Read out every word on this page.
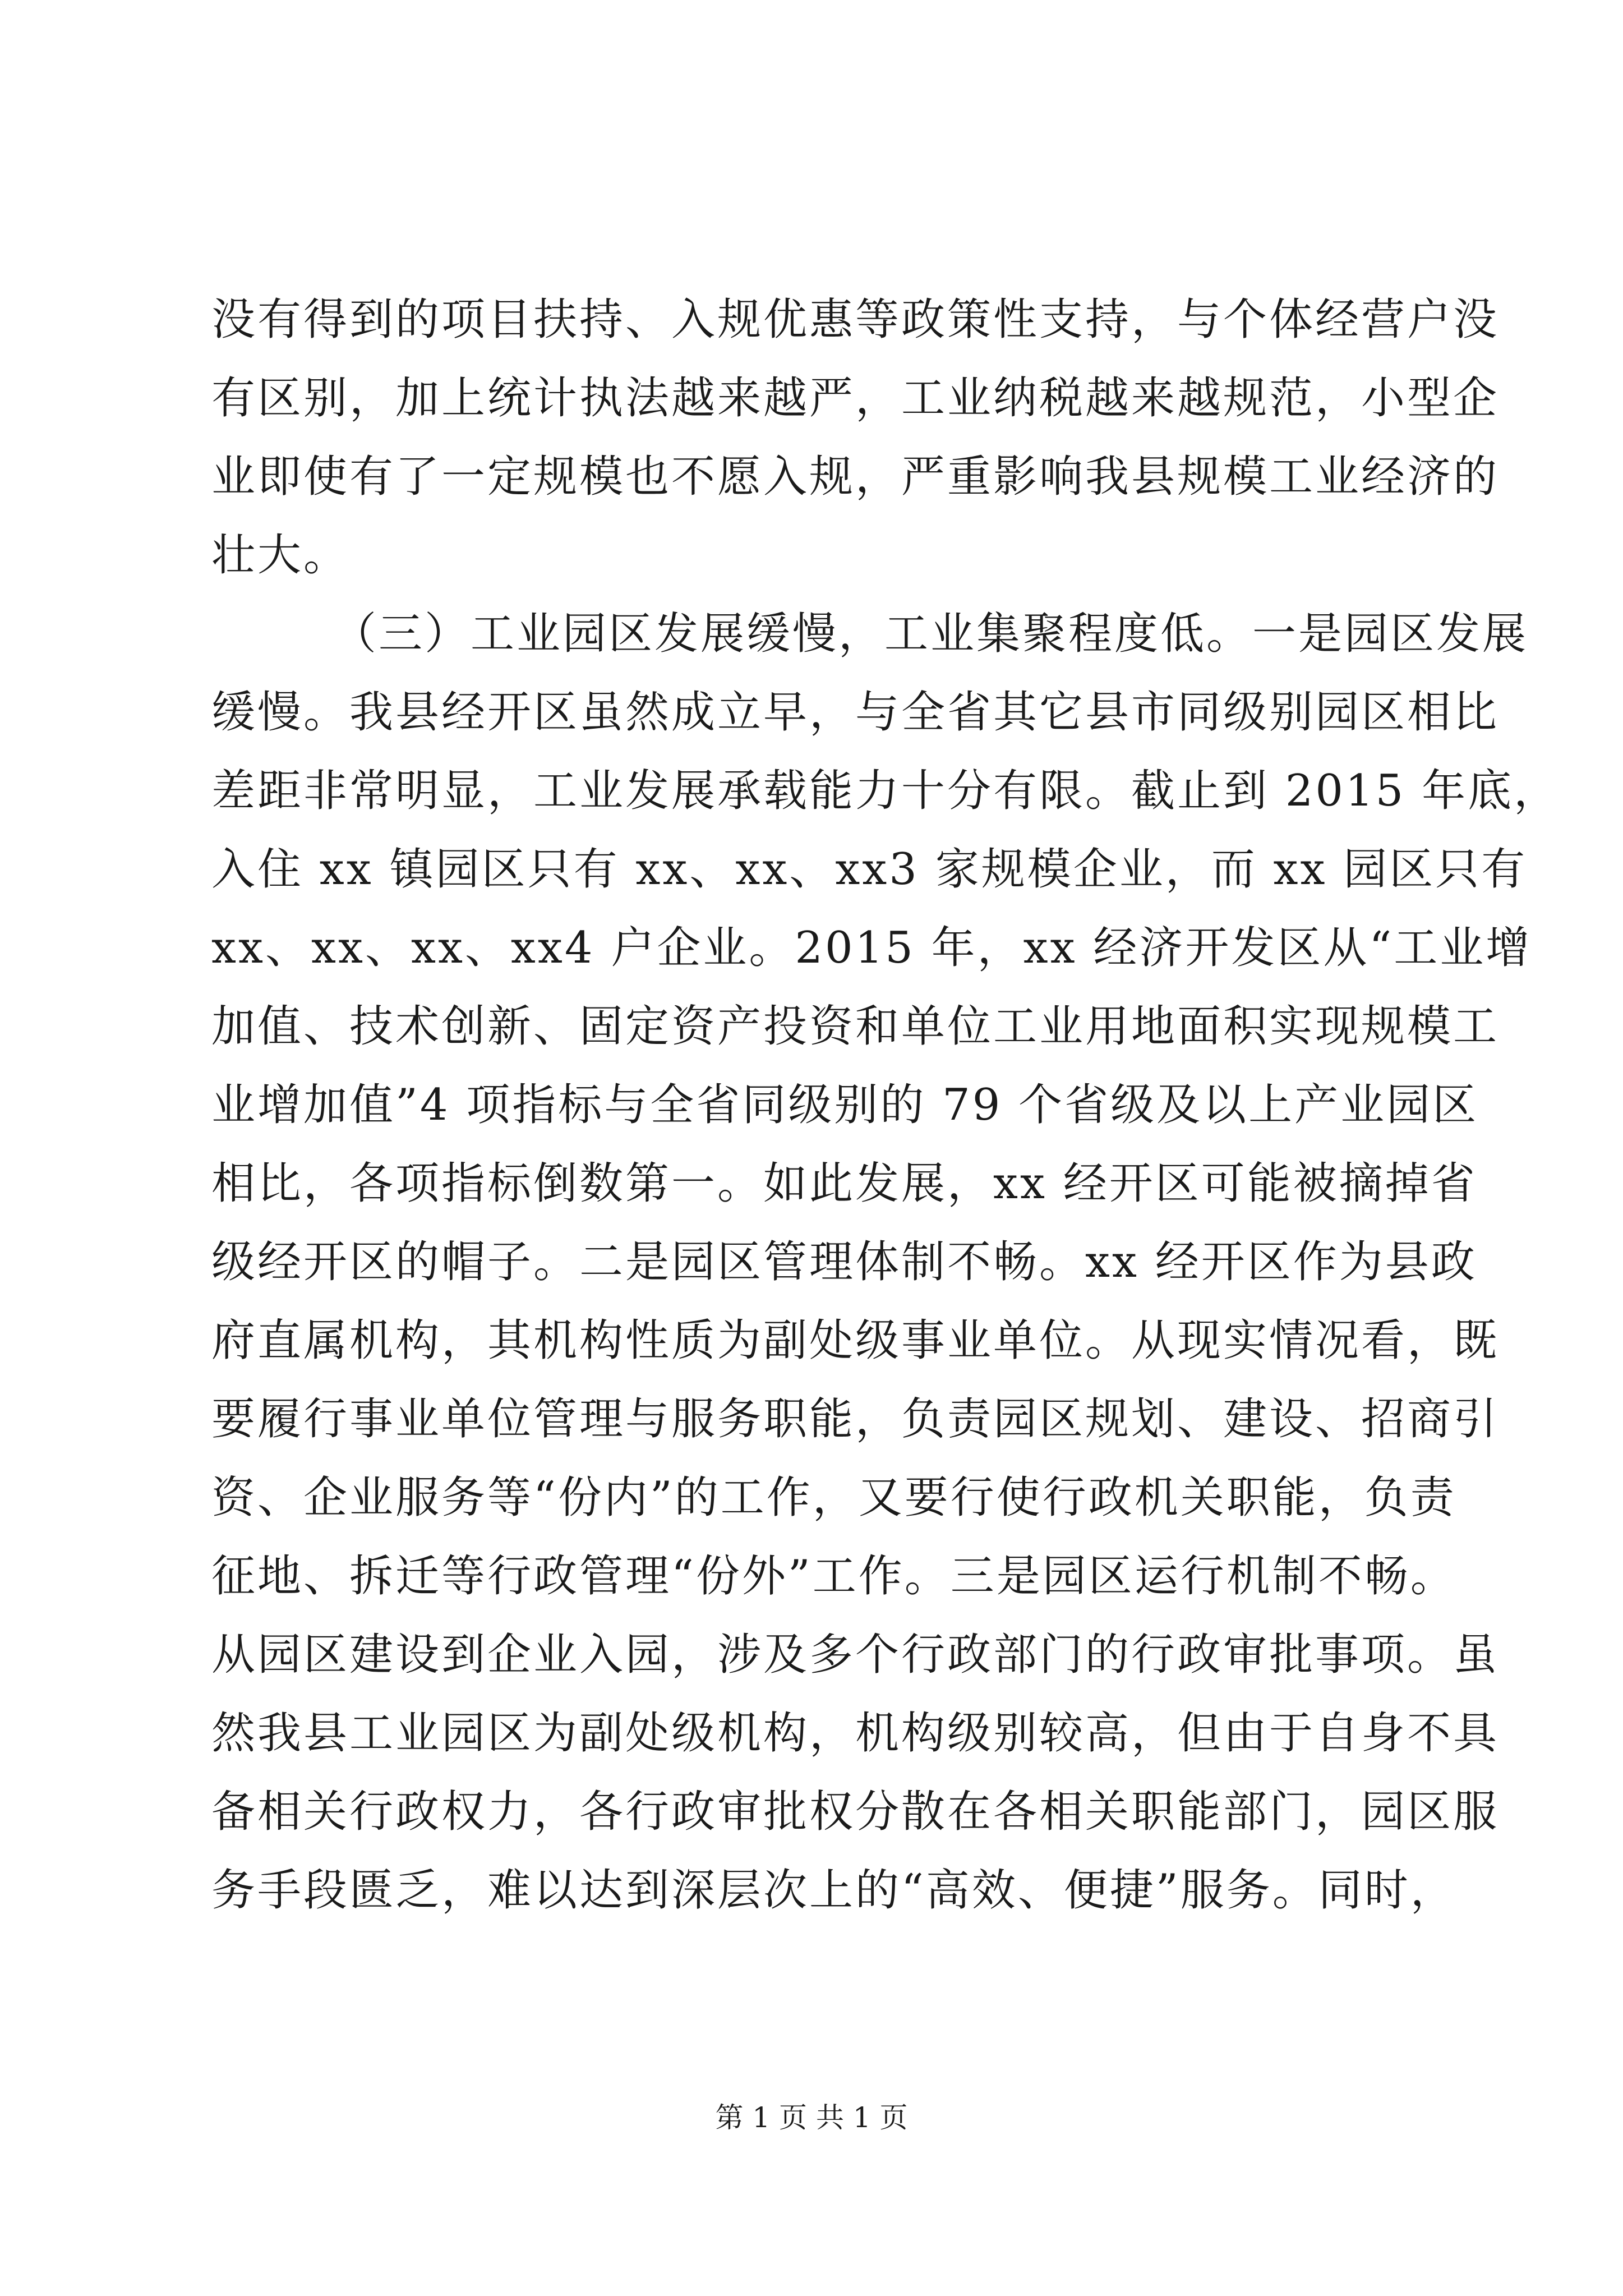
没有得到的项目扶持、入规优惠等政策性支持，与个体经营户没
有区别，加上统计执法越来越严，工业纳税越来越规范，小型企
业即使有了一定规模也不愿入规，严重影响我县规模工业经济的
壮大。
（三）工业园区发展缓慢，工业集聚程度低。一是园区发展
缓慢。我县经开区虽然成立早，与全省其它县市同级别园区相比
差距非常明显，工业发展承载能力十分有限。截止到 2015 年底，
入住 xx 镇园区只有 xx、xx、xx3 家规模企业，而 xx 园区只有
xx、xx、xx、xx4 户企业。2015 年，xx 经济开发区从“工业增
加值、技术创新、固定资产投资和单位工业用地面积实现规模工
业增加值”4 项指标与全省同级别的 79 个省级及以上产业园区
相比，各项指标倒数第一。如此发展，xx 经开区可能被摘掉省
级经开区的帽子。二是园区管理体制不畅。xx 经开区作为县政
府直属机构，其机构性质为副处级事业单位。从现实情况看，既
要履行事业单位管理与服务职能，负责园区规划、建设、招商引
资、企业服务等“份内”的工作，又要行使行政机关职能，负责
征地、拆迁等行政管理“份外”工作。三是园区运行机制不畅。
从园区建设到企业入园，涉及多个行政部门的行政审批事项。虽
然我县工业园区为副处级机构，机构级别较高，但由于自身不具
备相关行政权力，各行政审批权分散在各相关职能部门，园区服
务手段匮乏，难以达到深层次上的“高效、便捷”服务。同时，
第 1 页 共 1 页
